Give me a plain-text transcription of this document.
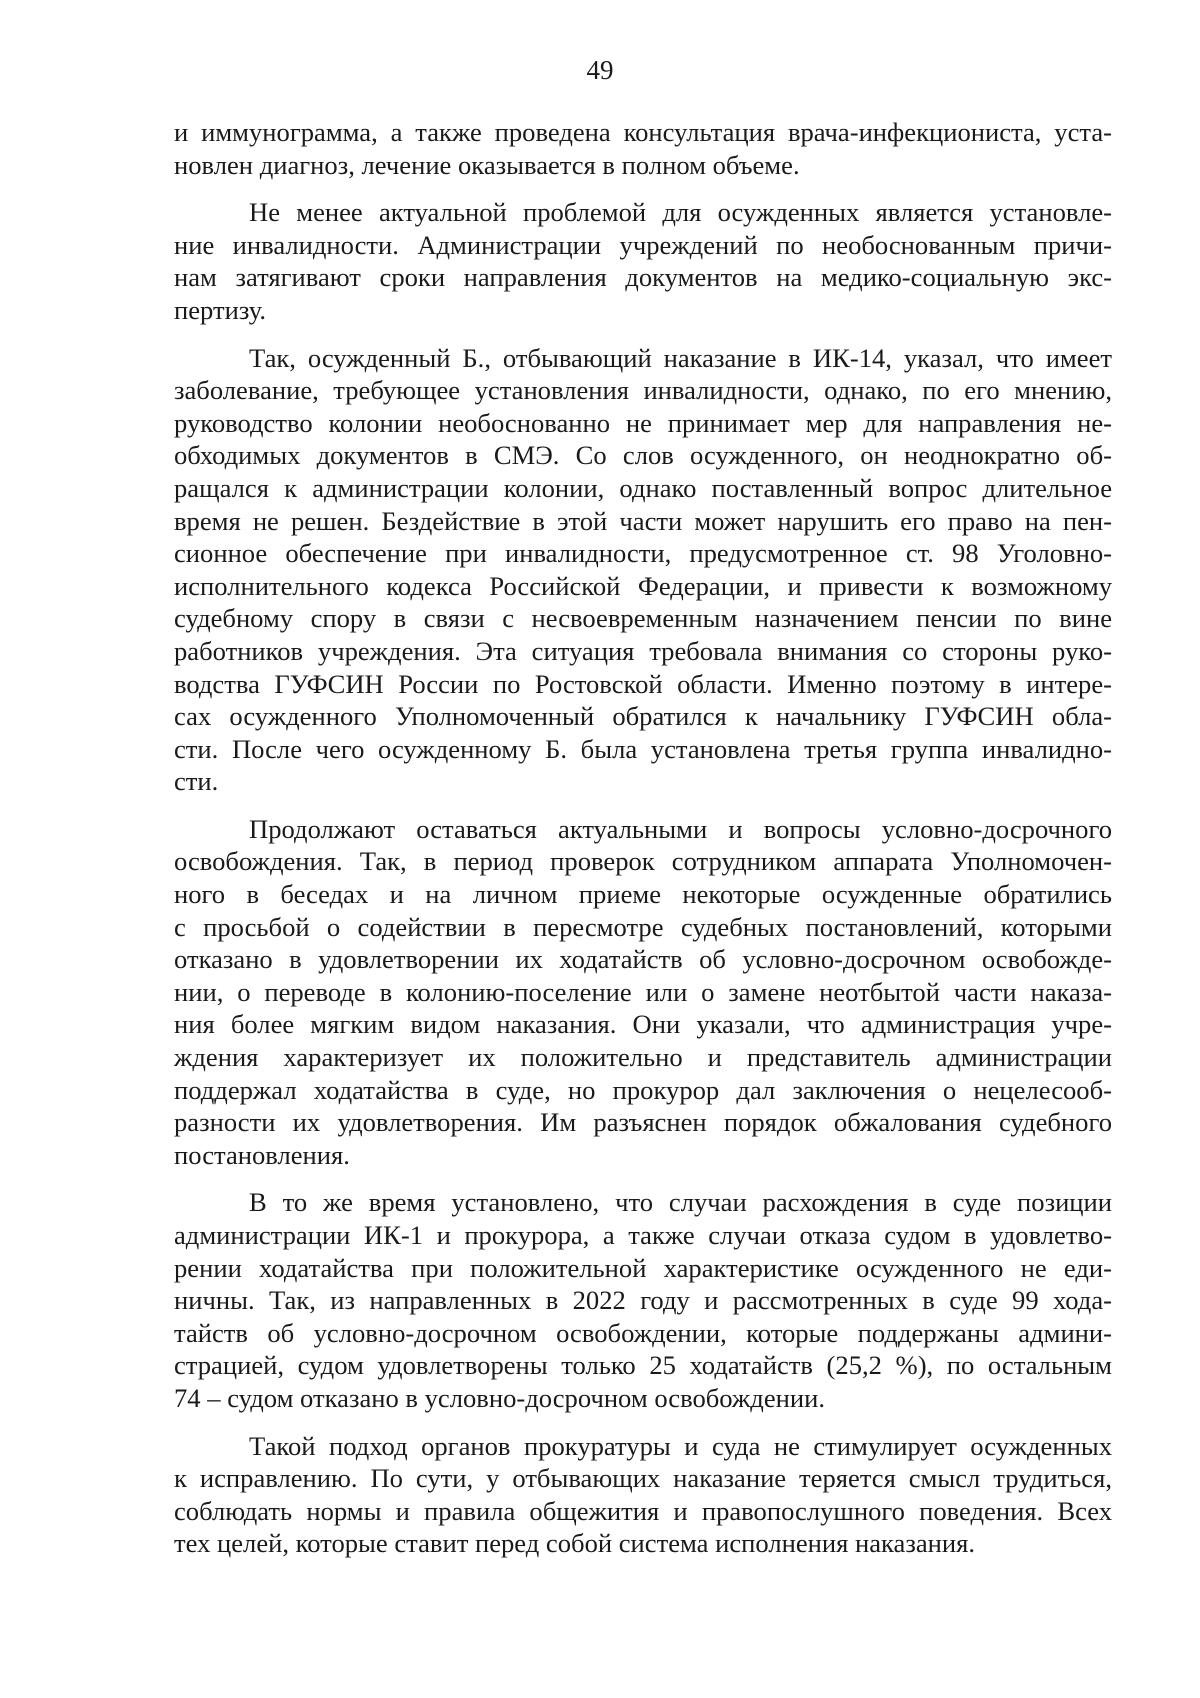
49
и иммунограмма, а также проведена консультация врача-инфекциониста, уста-
новлен диагноз, лечение оказывается в полном объеме.
Не менее актуальной проблемой для осужденных является установле-
ние инвалидности. Администрации учреждений по необоснованным причи-
нам затягивают сроки направления документов на медико-социальную экс-
пертизу.
Так, осужденный Б., отбывающий наказание в ИК-14, указал, что имеет
заболевание, требующее установления инвалидности, однако, по его мнению,
руководство колонии необоснованно не принимает мер для направления не-
обходимых документов в СМЭ. Со слов осужденного, он неоднократно об-
ращался к администрации колонии, однако поставленный вопрос длительное
время не решен. Бездействие в этой части может нарушить его право на пен-
сионное обеспечение при инвалидности, предусмотренное ст. 98 Уголовно-
исполнительного кодекса Российской Федерации, и привести к возможному
судебному спору в связи с несвоевременным назначением пенсии по вине
работников учреждения. Эта ситуация требовала внимания со стороны руко-
водства ГУФСИН России по Ростовской области. Именно поэтому в интере-
сах осужденного Уполномоченный обратился к начальнику ГУФСИН обла-
сти. После чего осужденному Б. была установлена третья группа инвалидно-
сти.
Продолжают оставаться актуальными и вопросы условно-досрочного
освобождения. Так, в период проверок сотрудником аппарата Уполномочен-
ного в беседах и на личном приеме некоторые осужденные обратились
с просьбой о содействии в пересмотре судебных постановлений, которыми
отказано в удовлетворении их ходатайств об условно-досрочном освобожде-
нии, о переводе в колонию-поселение или о замене неотбытой части наказа-
ния более мягким видом наказания. Они указали, что администрация учре-
ждения характеризует их положительно и представитель администрации
поддержал ходатайства в суде, но прокурор дал заключения о нецелесооб-
разности их удовлетворения. Им разъяснен порядок обжалования судебного
постановления.
В то же время установлено, что случаи расхождения в суде позиции
администрации ИК-1 и прокурора, а также случаи отказа судом в удовлетво-
рении ходатайства при положительной характеристике осужденного не еди-
ничны. Так, из направленных в 2022 году и рассмотренных в суде 99 хода-
тайств об условно-досрочном освобождении, которые поддержаны админи-
страцией, судом удовлетворены только 25 ходатайств (25,2 %), по остальным
74 – судом отказано в условно-досрочном освобождении.
Такой подход органов прокуратуры и суда не стимулирует осужденных
к исправлению. По сути, у отбывающих наказание теряется смысл трудиться,
соблюдать нормы и правила общежития и правопослушного поведения. Всех
тех целей, которые ставит перед собой система исполнения наказания.
